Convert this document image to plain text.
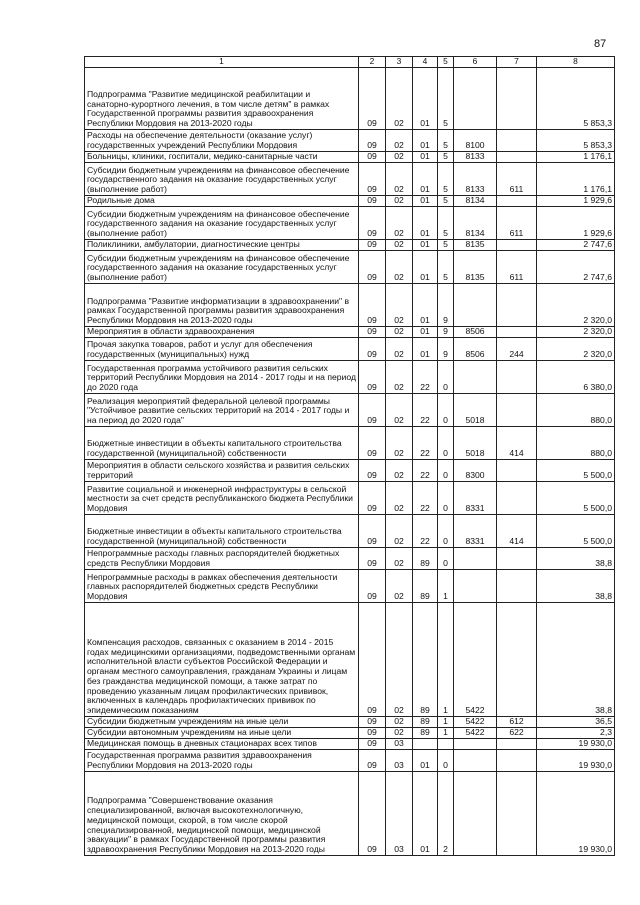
87
1	2	3	4	5	6	7	8
Подпрограмма "Развитие медицинской реабилитации и санаторно-курортного лечения, в том числе детям" в рамках Государственной программы развития здравоохранения Республики Мордовия на 2013-2020 годы	09	02	01	5			5 853,3
Расходы на обеспечение деятельности (оказание услуг) государственных учреждений Республики Мордовия	09	02	01	5	8100		5 853,3
Больницы, клиники, госпитали, медико-санитарные части	09	02	01	5	8133		1 176,1
Субсидии бюджетным учреждениям на финансовое обеспечение государственного задания на оказание государственных услуг (выполнение работ)	09	02	01	5	8133	611	1 176,1
Родильные дома	09	02	01	5	8134		1 929,6
Субсидии бюджетным учреждениям на финансовое обеспечение государственного задания на оказание государственных услуг (выполнение работ)	09	02	01	5	8134	611	1 929,6
Поликлиники, амбулатории, диагностические центры	09	02	01	5	8135		2 747,6
Субсидии бюджетным учреждениям на финансовое обеспечение государственного задания на оказание государственных услуг (выполнение работ)	09	02	01	5	8135	611	2 747,6
Подпрограмма "Развитие информатизации в здравоохранении" в рамках Государственной программы развития здравоохранения Республики Мордовия на 2013-2020 годы	09	02	01	9			2 320,0
Мероприятия в области здравоохранения	09	02	01	9	8506		2 320,0
Прочая закупка товаров, работ и услуг для обеспечения государственных (муниципальных) нужд	09	02	01	9	8506	244	2 320,0
Государственная программа устойчивого развития сельских территорий Республики Мордовия на 2014 - 2017 годы и на период до 2020 года	09	02	22	0			6 380,0
Реализация мероприятий федеральной целевой программы "Устойчивое развитие сельских территорий на 2014 - 2017 годы и на период до 2020 года"	09	02	22	0	5018		880,0
Бюджетные инвестиции в объекты капитального строительства государственной (муниципальной) собственности	09	02	22	0	5018	414	880,0
Мероприятия в области сельского хозяйства и развития сельских территорий	09	02	22	0	8300		5 500,0
Развитие социальной и инженерной инфраструктуры в сельской местности за счет средств республиканского бюджета Республики Мордовия	09	02	22	0	8331		5 500,0
Бюджетные инвестиции в объекты капитального строительства государственной (муниципальной) собственности	09	02	22	0	8331	414	5 500,0
Непрограммные расходы главных распорядителей бюджетных средств Республики Мордовия	09	02	89	0			38,8
Непрограммные расходы в рамках обеспечения деятельности главных распорядителей бюджетных средств Республики Мордовия	09	02	89	1			38,8
Компенсация расходов, связанных с оказанием в 2014 - 2015 годах медицинскими организациями, подведомственными органам исполнительной власти субъектов Российской Федерации и органам местного самоуправления, гражданам Украины и лицам без гражданства медицинской помощи, а также затрат по проведению указанным лицам профилактических прививок, включенных в календарь профилактических прививок по эпидемическим показаниям	09	02	89	1	5422		38,8
Субсидии бюджетным учреждениям на иные цели	09	02	89	1	5422	612	36,5
Субсидии автономным учреждениям на иные цели	09	02	89	1	5422	622	2,3
Медицинская помощь в дневных стационарах всех типов	09	03					19 930,0
Государственная программа развития здравоохранения Республики Мордовия на 2013-2020 годы	09	03	01	0			19 930,0
Подпрограмма "Совершенствование оказания специализированной, включая высокотехнологичную, медицинской помощи, скорой, в том числе скорой специализированной, медицинской помощи, медицинской эвакуации" в рамках Государственной программы развития здравоохранения Республики Мордовия на 2013-2020 годы	09	03	01	2			19 930,0
